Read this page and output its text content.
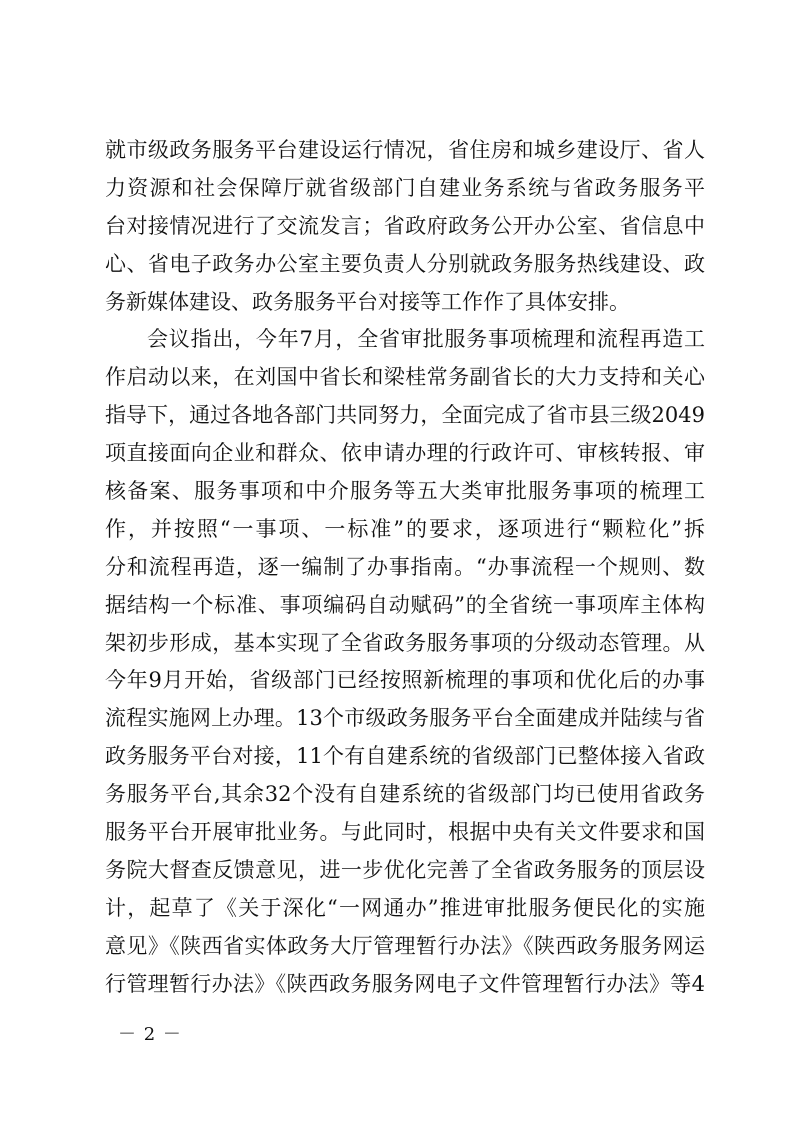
就市级政务服务平台建设运行情况，省住房和城乡建设厅、省人
力资源和社会保障厅就省级部门自建业务系统与省政务服务平
台对接情况进行了交流发言；省政府政务公开办公室、省信息中
心、省电子政务办公室主要负责人分别就政务服务热线建设、政
务新媒体建设、政务服务平台对接等工作作了具体安排。
会议指出，今年7月，全省审批服务事项梳理和流程再造工
作启动以来，在刘国中省长和梁桂常务副省长的大力支持和关心
指导下，通过各地各部门共同努力，全面完成了省市县三级2049
项直接面向企业和群众、依申请办理的行政许可、审核转报、审
核备案、服务事项和中介服务等五大类审批服务事项的梳理工
作，并按照“一事项、一标准”的要求，逐项进行“颗粒化”拆
分和流程再造，逐一编制了办事指南。“办事流程一个规则、数
据结构一个标准、事项编码自动赋码”的全省统一事项库主体构
架初步形成，基本实现了全省政务服务事项的分级动态管理。从
今年9月开始，省级部门已经按照新梳理的事项和优化后的办事
流程实施网上办理。13个市级政务服务平台全面建成并陆续与省
政务服务平台对接，11个有自建系统的省级部门已整体接入省政
务服务平台,其余32个没有自建系统的省级部门均已使用省政务
服务平台开展审批业务。与此同时，根据中央有关文件要求和国
务院大督查反馈意见，进一步优化完善了全省政务服务的顶层设
计，起草了《关于深化“一网通办”推进审批服务便民化的实施
意见》《陕西省实体政务大厅管理暂行办法》《陕西政务服务网运
行管理暂行办法》《陕西政务服务网电子文件管理暂行办法》等4
－ 2 －
